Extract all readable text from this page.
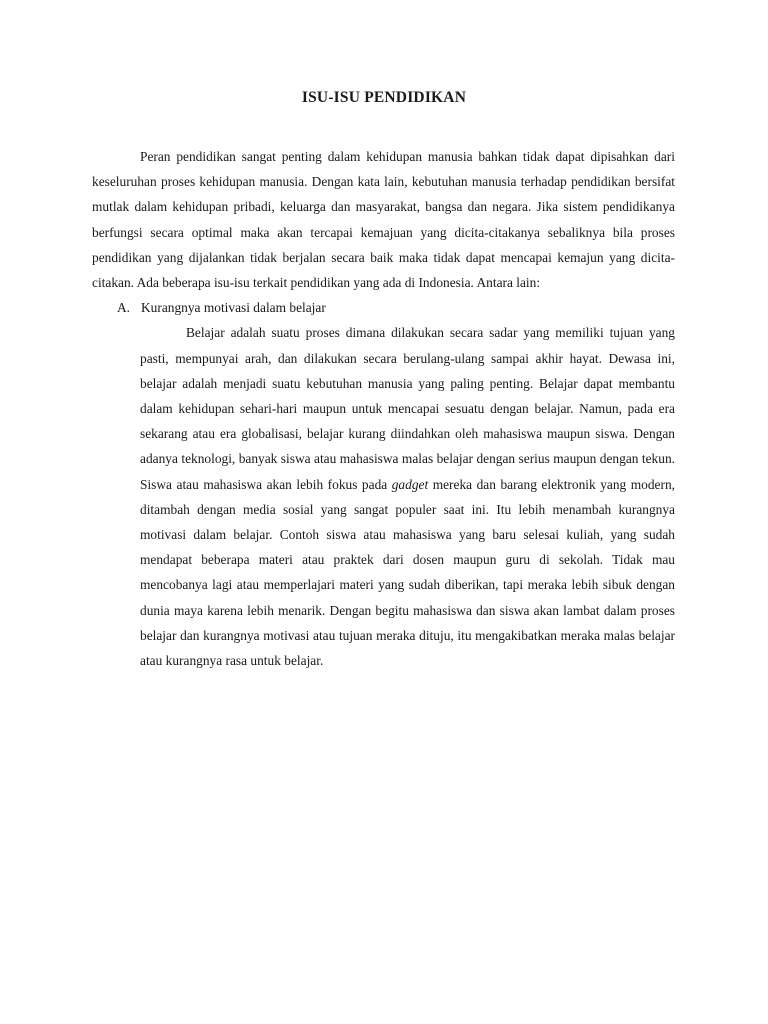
ISU-ISU PENDIDIKAN

Peran pendidikan sangat penting dalam kehidupan manusia bahkan tidak dapat dipisahkan dari keseluruhan proses kehidupan manusia. Dengan kata lain, kebutuhan manusia terhadap pendidikan bersifat mutlak dalam kehidupan pribadi, keluarga dan masyarakat, bangsa dan negara. Jika sistem pendidikanya berfungsi secara optimal maka akan tercapai kemajuan yang dicita-citakanya sebaliknya bila proses pendidikan yang dijalankan tidak berjalan secara baik maka tidak dapat mencapai kemajun yang dicita-citakan. Ada beberapa isu-isu terkait pendidikan yang ada di Indonesia. Antara lain:

A. Kurangnya motivasi dalam belajar

Belajar adalah suatu proses dimana dilakukan secara sadar yang memiliki tujuan yang pasti, mempunyai arah, dan dilakukan secara berulang-ulang sampai akhir hayat. Dewasa ini, belajar adalah menjadi suatu kebutuhan manusia yang paling penting. Belajar dapat membantu dalam kehidupan sehari-hari maupun untuk mencapai sesuatu dengan belajar. Namun, pada era sekarang atau era globalisasi, belajar kurang diindahkan oleh mahasiswa maupun siswa. Dengan adanya teknologi, banyak siswa atau mahasiswa malas belajar dengan serius maupun dengan tekun. Siswa atau mahasiswa akan lebih fokus pada gadget mereka dan barang elektronik yang modern, ditambah dengan media sosial yang sangat populer saat ini. Itu lebih menambah kurangnya motivasi dalam belajar. Contoh siswa atau mahasiswa yang baru selesai kuliah, yang sudah mendapat beberapa materi atau praktek dari dosen maupun guru di sekolah. Tidak mau mencobanya lagi atau memperlajari materi yang sudah diberikan, tapi meraka lebih sibuk dengan dunia maya karena lebih menarik. Dengan begitu mahasiswa dan siswa akan lambat dalam proses belajar dan kurangnya motivasi atau tujuan meraka dituju, itu mengakibatkan meraka malas belajar atau kurangnya rasa untuk belajar.
